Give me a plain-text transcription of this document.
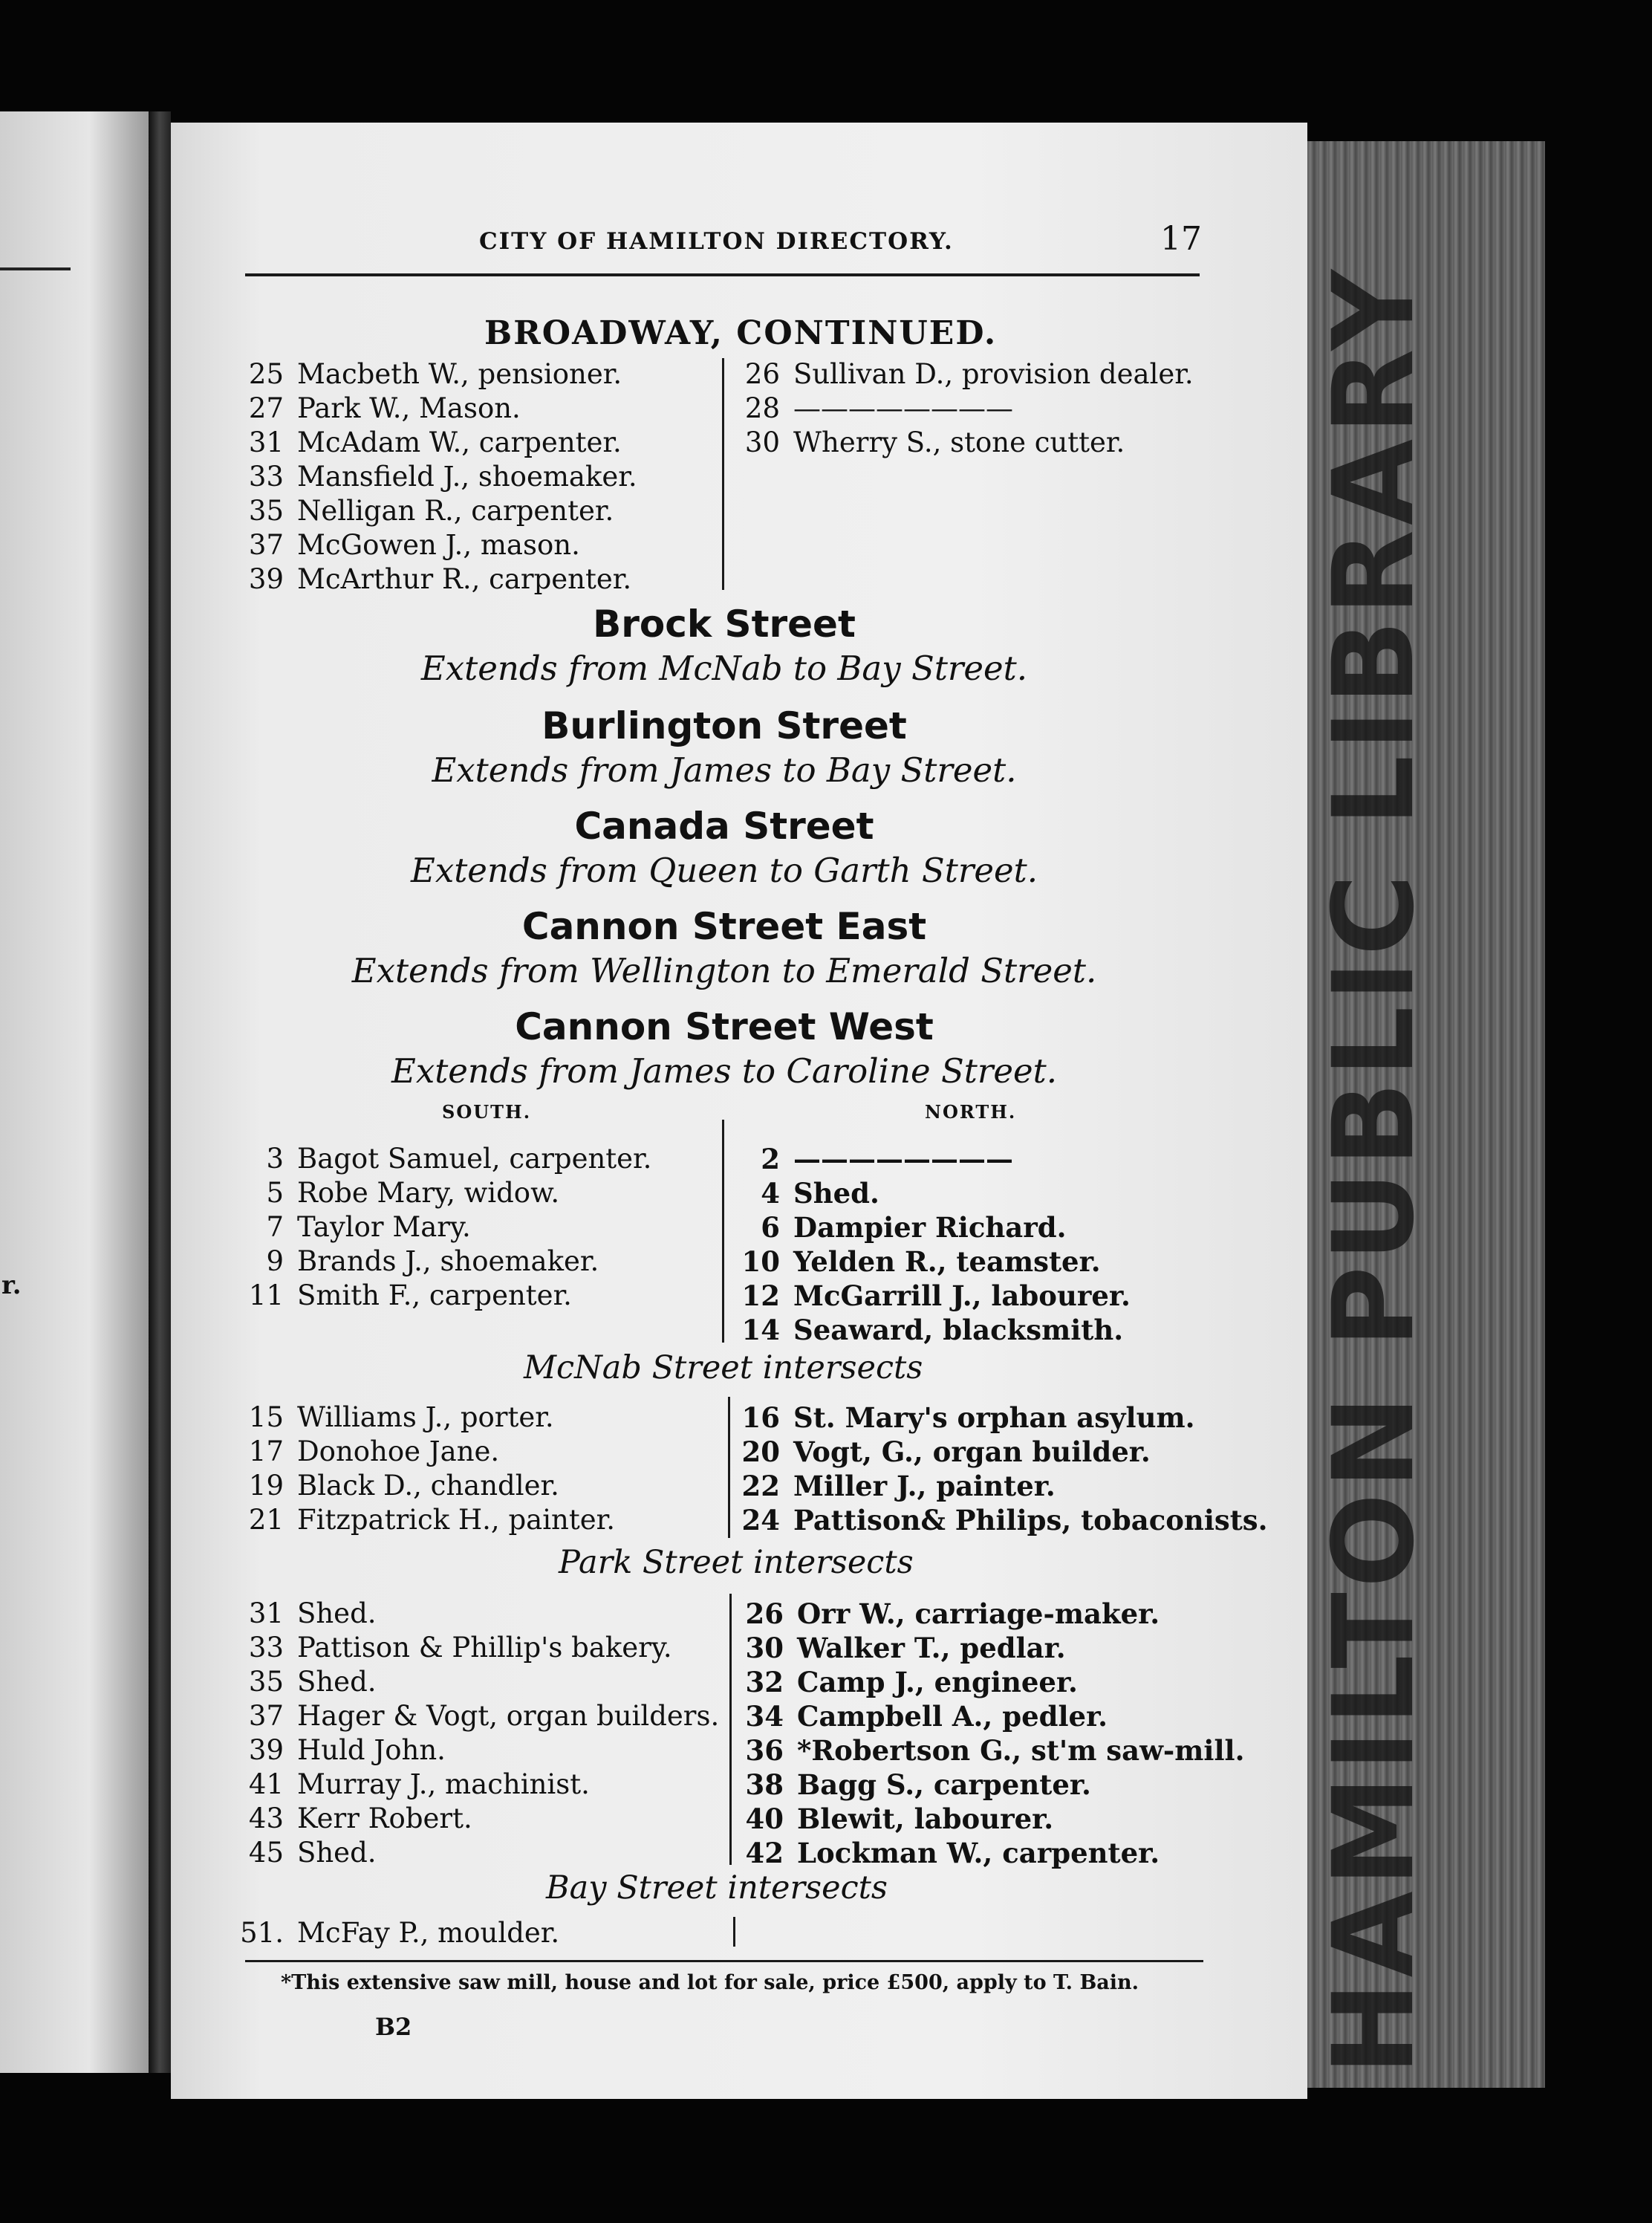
r.	HAMILTON PUBLIC LIBRARY
CITY OF HAMILTON DIRECTORY.	17
BROADWAY, CONTINUED.
25 Macbeth W., pensioner.
27 Park W., Mason.
31 McAdam W., carpenter.
33 Mansfield J., shoemaker.
35 Nelligan R., carpenter.
37 McGowen J., mason.
39 McArthur R., carpenter.
26 Sullivan D., provision dealer.
28 ————————
30 Wherry S., stone cutter.
Brock Street
Extends from McNab to Bay Street.
Burlington Street
Extends from James to Bay Street.
Canada Street
Extends from Queen to Garth Street.
Cannon Street East
Extends from Wellington to Emerald Street.
Cannon Street West
Extends from James to Caroline Street.
SOUTH.	NORTH.
3 Bagot Samuel, carpenter.
5 Robe Mary, widow.
7 Taylor Mary.
9 Brands J., shoemaker.
11 Smith F., carpenter.
2 ————————
4 Shed.
6 Dampier Richard.
10 Yelden R., teamster.
12 McGarrill J., labourer.
14 Seaward, blacksmith.
McNab Street intersects
15 Williams J., porter.
17 Donohoe Jane.
19 Black D., chandler.
21 Fitzpatrick H., painter.
16 St. Mary's orphan asylum.
20 Vogt, G., organ builder.
22 Miller J., painter.
24 Pattison& Philips, tobaconists.
Park Street intersects
31 Shed.
33 Pattison & Phillip's bakery.
35 Shed.
37 Hager & Vogt, organ builders.
39 Huld John.
41 Murray J., machinist.
43 Kerr Robert.
45 Shed.
26 Orr W., carriage-maker.
30 Walker T., pedlar.
32 Camp J., engineer.
34 Campbell A., pedler.
36 *Robertson G., st'm saw-mill.
38 Bagg S., carpenter.
40 Blewit, labourer.
42 Lockman W., carpenter.
Bay Street intersects
51. McFay P., moulder.
*This extensive saw mill, house and lot for sale, price £500, apply to T. Bain.
B2
